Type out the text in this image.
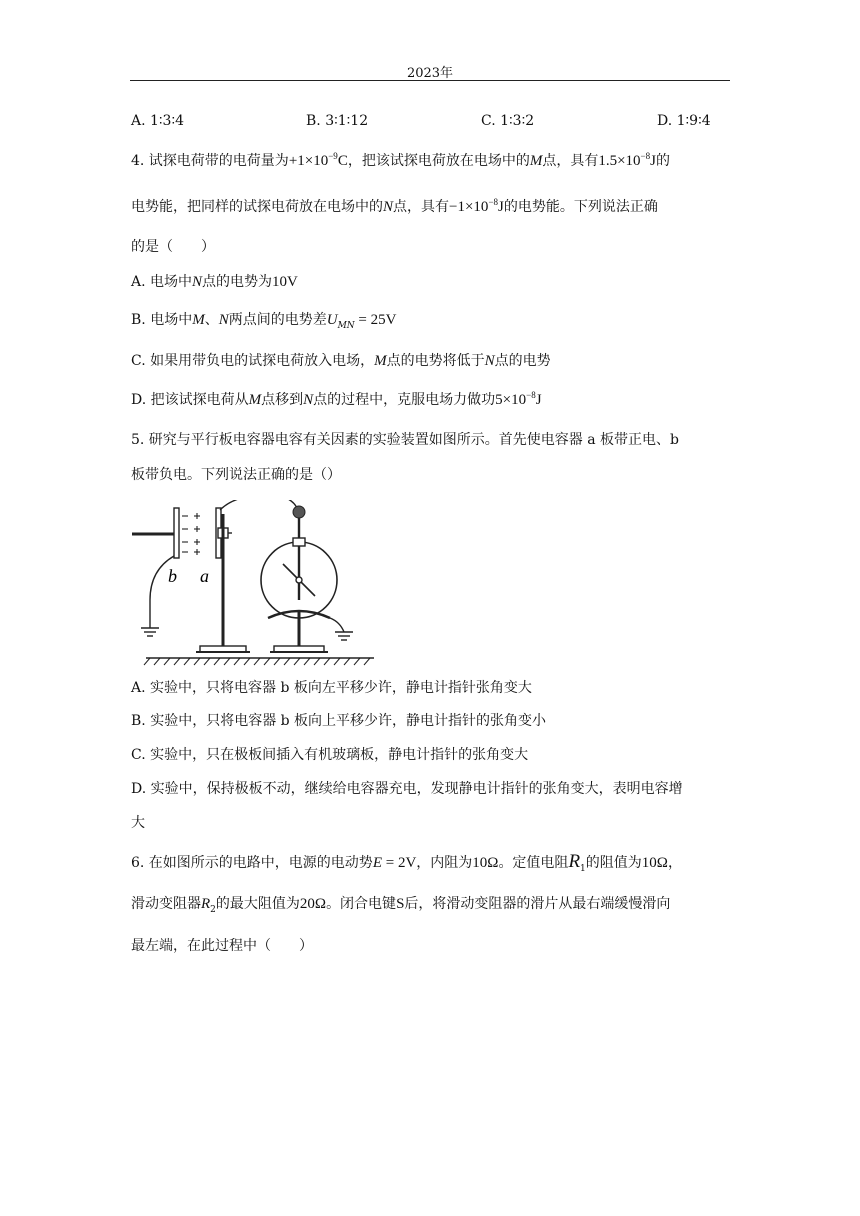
2023年
A. 1∶3∶4	B. 3∶1∶12	C. 1∶3∶2	D. 1∶9∶4
4. 试探电荷带的电荷量为$+1\times 10^{-9}C$，把该试探电荷放在电场中的M点，具有$1.5\times 10^{-8}J$的
电势能，把同样的试探电荷放在电场中的N点，具有$-1\times 10^{-8}J$的电势能。下列说法正确
的是（　　）
A. 电场中N点的电势为10V
B. 电场中M、N两点间的电势差$U_{MN} = 25V$
C. 如果用带负电的试探电荷放入电场，M点的电势将低于N点的电势
D. 把该试探电荷从M点移到N点的过程中，克服电场力做功$5\times 10^{-8}J$
5. 研究与平行板电容器电容有关因素的实验装置如图所示。首先使电容器 a 板带正电、b
板带负电。下列说法正确的是（）
b a
A. 实验中，只将电容器 b 板向左平移少许，静电计指针张角变大
B. 实验中，只将电容器 b 板向上平移少许，静电计指针的张角变小
C. 实验中，只在极板间插入有机玻璃板，静电计指针的张角变大
D. 实验中，保持极板不动，继续给电容器充电，发现静电计指针的张角变大，表明电容增
大
6. 在如图所示的电路中，电源的电动势E = 2V，内阻为10Ω。定值电阻$R_1$的阻值为10Ω，
滑动变阻器$R_2$的最大阻值为20Ω。闭合电键S后，将滑动变阻器的滑片从最右端缓慢滑向
最左端，在此过程中（　　）
